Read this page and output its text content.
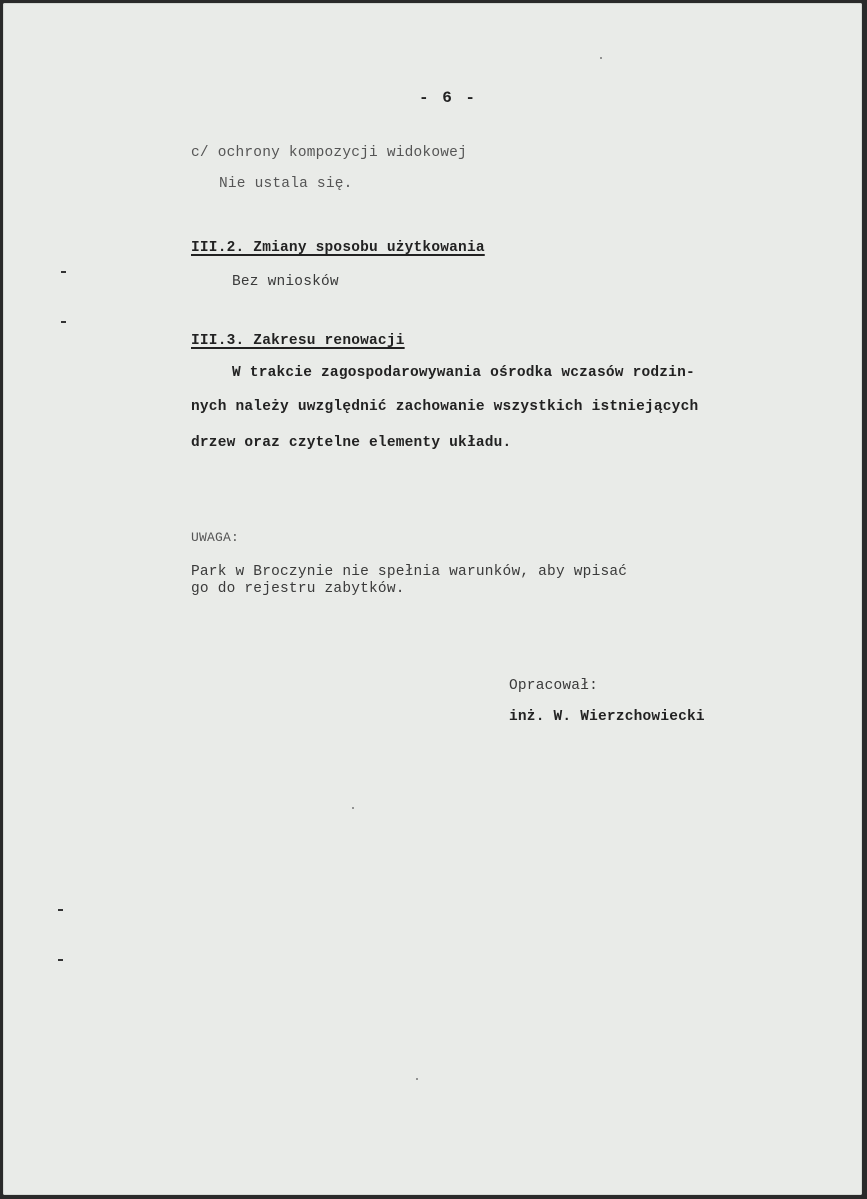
- 6 -
c/ ochrony kompozycji widokowej
Nie ustala się.
III.2. Zmiany sposobu użytkowania
Bez wniosków
III.3. Zakresu renowacji
W trakcie zagospodarowywania ośrodka wczasów rodzin-
nych należy uwzględnić zachowanie wszystkich istniejących
drzew oraz czytelne elementy układu.
UWAGA:
Park w Broczynie nie spełnia warunków, aby wpisać
go do rejestru zabytków.
Opracował:
inż. W. Wierzchowiecki
